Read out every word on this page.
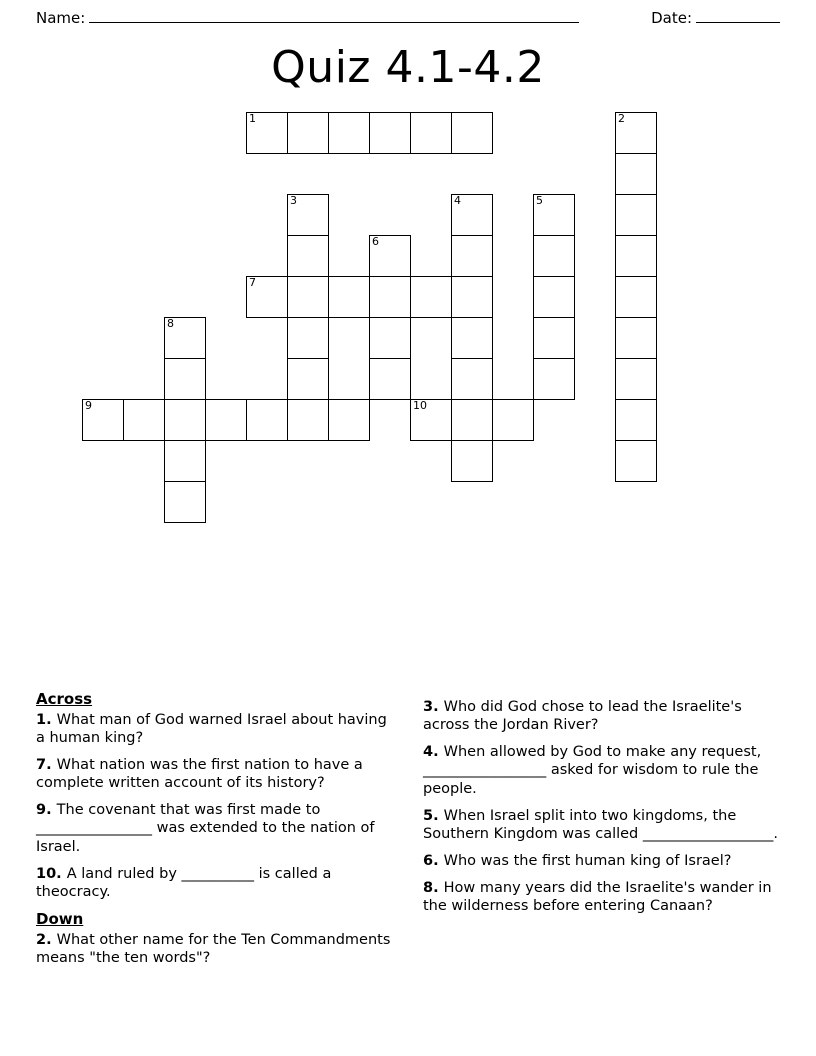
Name:	Date:
Quiz 4.1-4.2
1	2
3	4	5
6
7
8
9	10
Across

1. What man of God warned Israel about having a human king?

7. What nation was the first nation to have a complete written account of its history?

9. The covenant that was first made to ________________ was extended to the nation of Israel.

10. A land ruled by __________ is called a theocracy.

Down

2. What other name for the Ten Commandments means "the ten words"?

3. Who did God chose to lead the Israelite's across the Jordan River?

4. When allowed by God to make any request, _________________ asked for wisdom to rule the people.

5. When Israel split into two kingdoms, the Southern Kingdom was called __________________.

6. Who was the first human king of Israel?

8. How many years did the Israelite's wander in the wilderness before entering Canaan?
